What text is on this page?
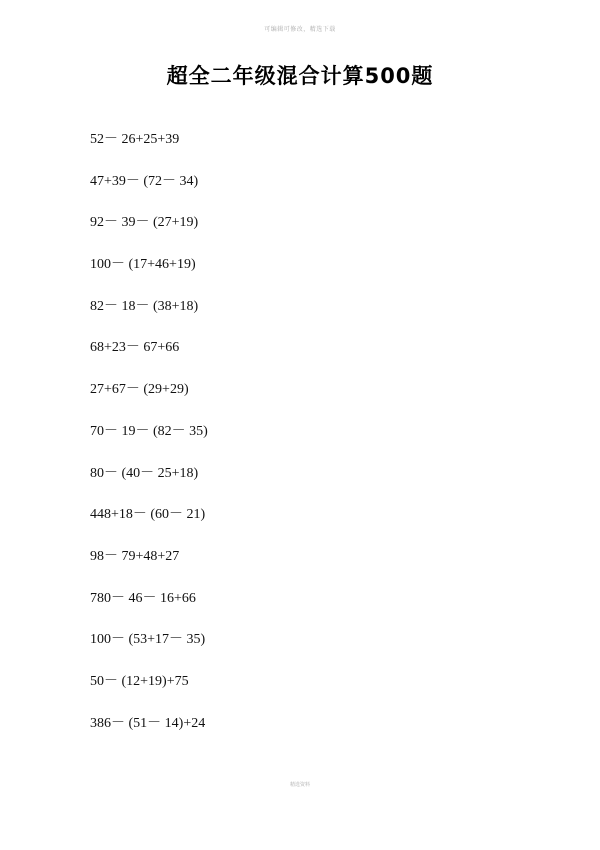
可编辑可修改，精选下载
超全二年级混合计算500题
52－ 26+25+39
47+39－ (72－ 34)
92－ 39－ (27+19)
100－ (17+46+19)
82－ 18－ (38+18)
68+23－ 67+66
27+67－ (29+29)
70－ 19－ (82－ 35)
80－ (40－ 25+18)
448+18－ (60－ 21)
98－ 79+48+27
780－ 46－ 16+66
100－ (53+17－ 35)
50－ (12+19)+75
386－ (51－ 14)+24
精选资料
